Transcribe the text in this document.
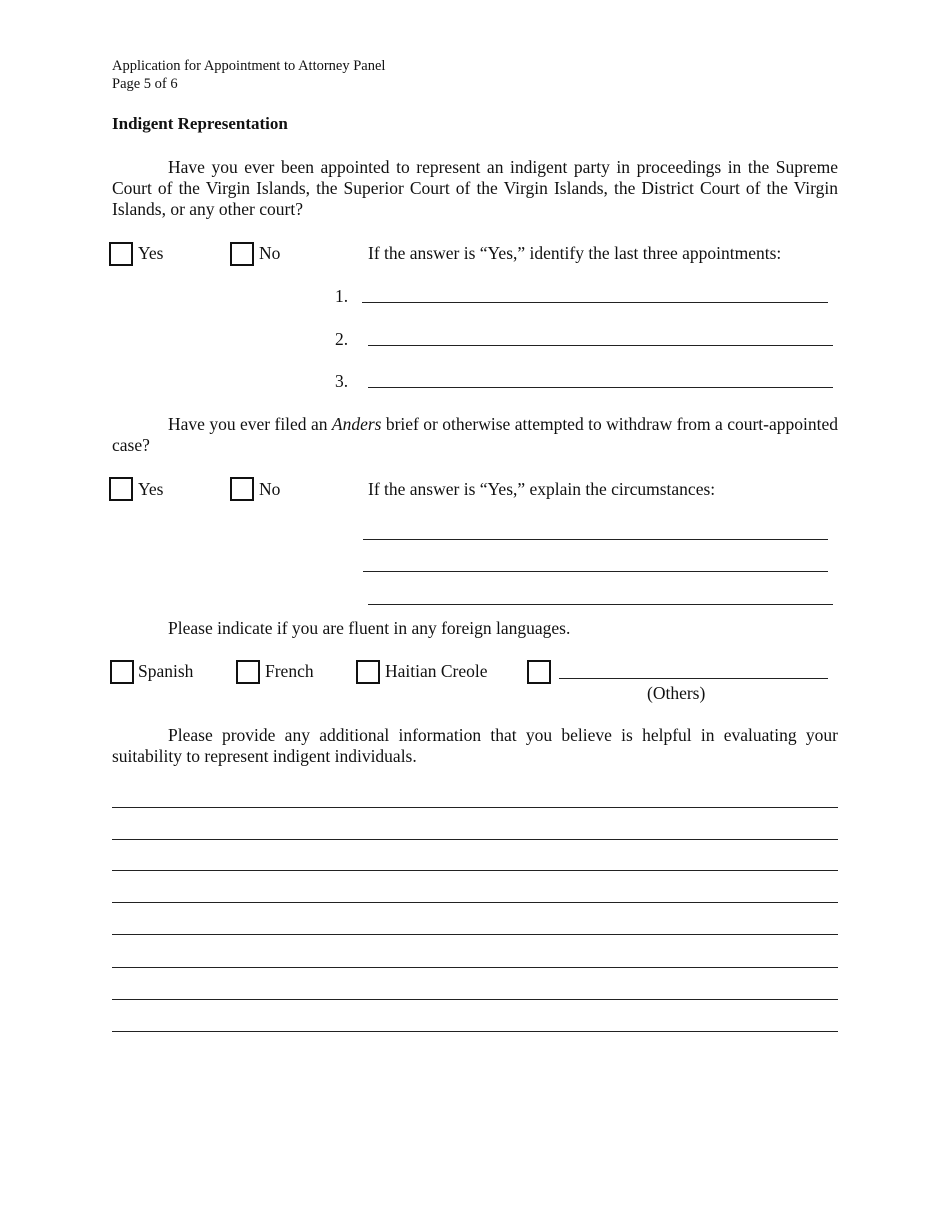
Application for Appointment to Attorney Panel
Page 5 of 6
Indigent Representation
Have you ever been appointed to represent an indigent party in proceedings in the Supreme Court of the Virgin Islands, the Superior Court of the Virgin Islands, the District Court of the Virgin Islands, or any other court?
Yes	No	If the answer is “Yes,” identify the last three appointments:
1.
2.
3.
Have you ever filed an Anders brief or otherwise attempted to withdraw from a court-appointed case?
Yes	No	If the answer is “Yes,” explain the circumstances:
Please indicate if you are fluent in any foreign languages.
Spanish	French	Haitian Creole
(Others)
Please provide any additional information that you believe is helpful in evaluating your suitability to represent indigent individuals.
